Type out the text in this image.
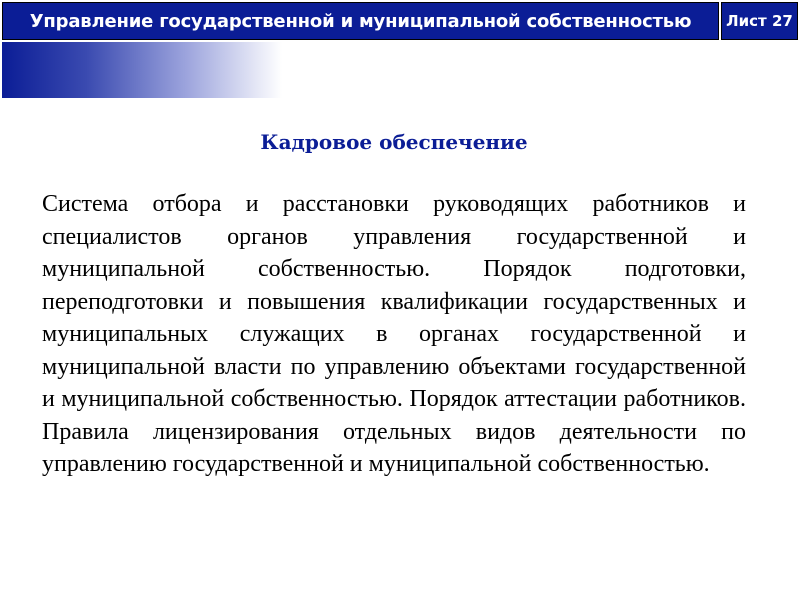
Управление государственной и муниципальной собственностью Лист 27
Кадровое обеспечение

Система отбора и расстановки руководящих работников и специалистов органов управления государственной и муниципальной собственностью. Порядок подготовки, переподготовки и повышения квалификации государственных и муниципальных служащих в органах государственной и муниципальной власти по управлению объектами государственной и муниципальной собственностью. Порядок аттестации работников. Правила лицензирования отдельных видов деятельности по управлению государственной и муниципальной собственностью.
